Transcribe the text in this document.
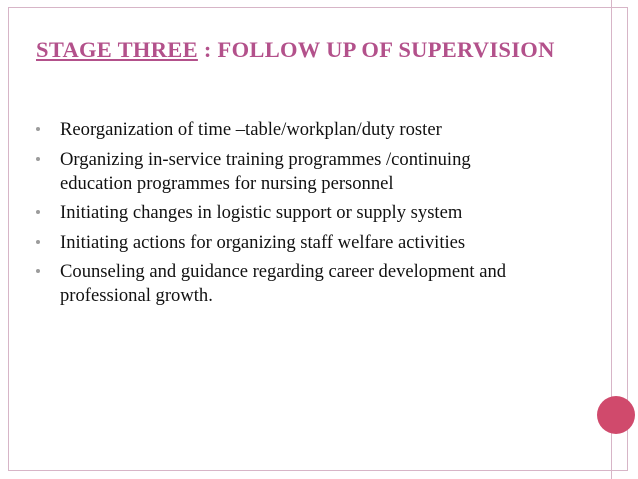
STAGE THREE : FOLLOW UP OF SUPERVISION
Reorganization of time –table/workplan/duty roster
Organizing in-service training programmes /continuing education programmes for nursing personnel
Initiating changes in logistic support or supply system
Initiating actions for organizing staff welfare activities
Counseling and guidance regarding career development and professional growth.
